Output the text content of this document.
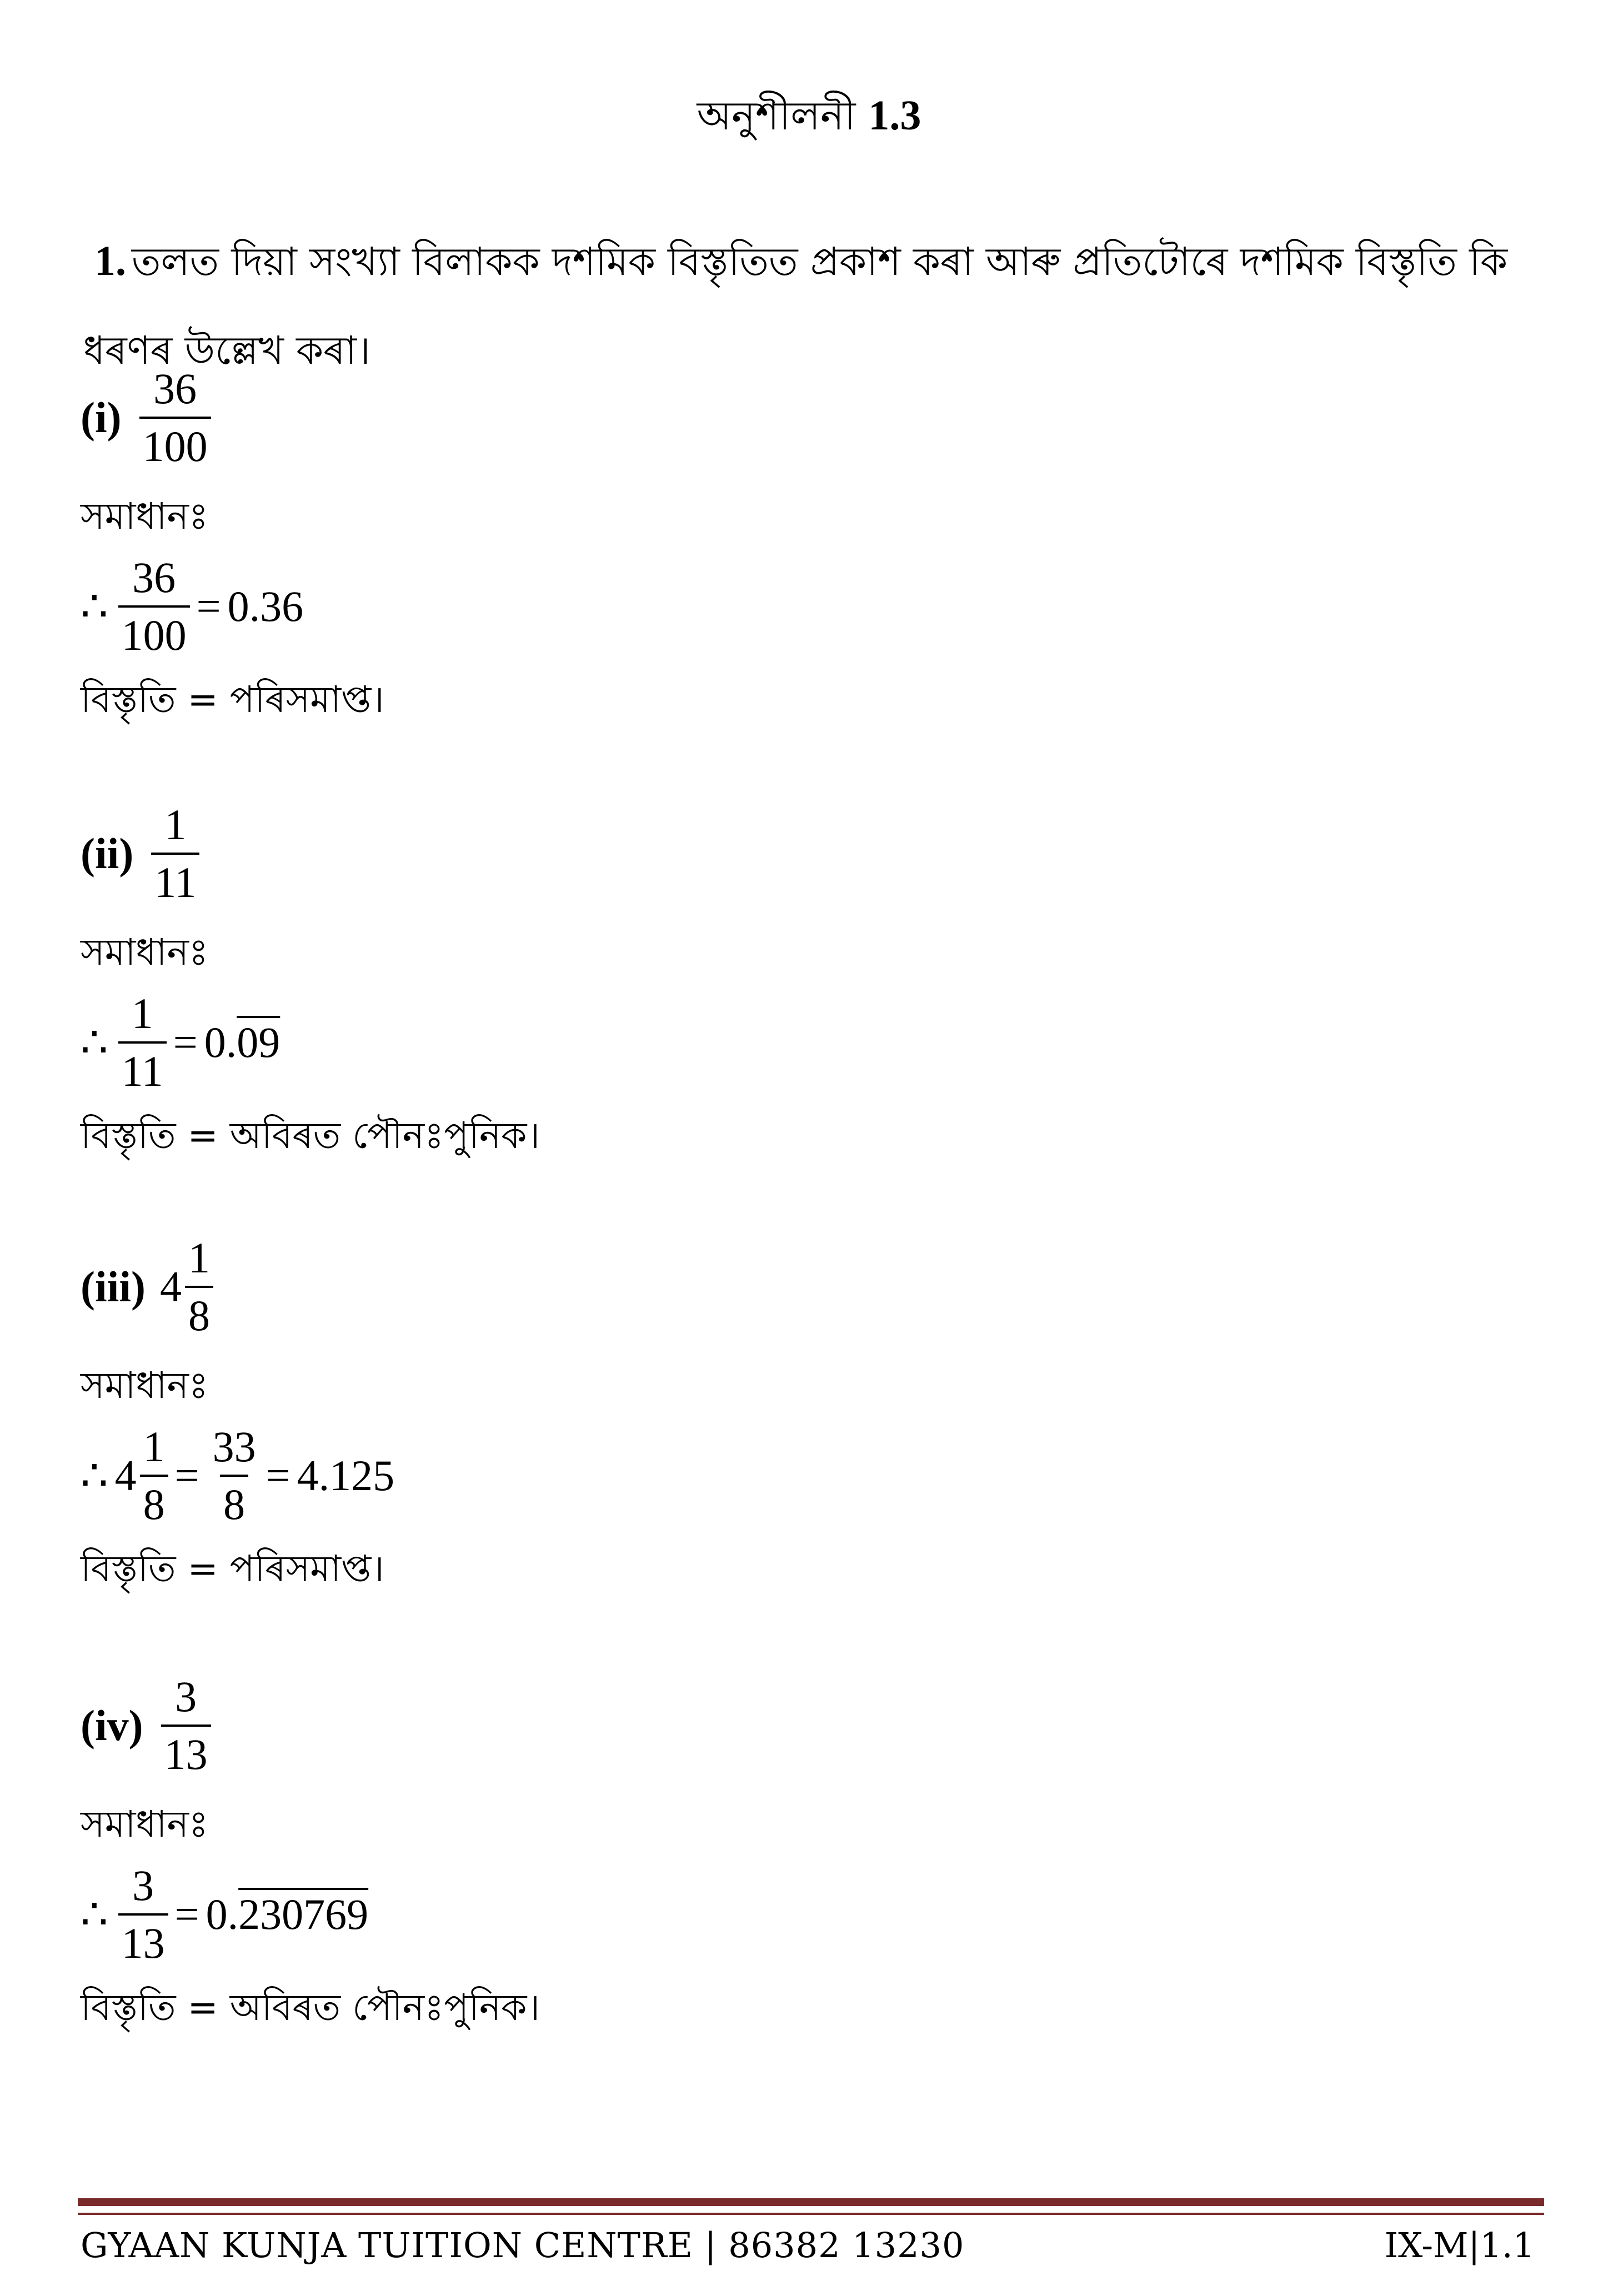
অনুশীলনী 1.3
1. তলত দিয়া সংখ্যা বিলাকক দশমিক বিস্তৃতিত প্রকাশ কৰা আৰু প্ৰতিটোৰে দশমিক বিস্তৃতি কি ধৰণৰ উল্লেখ কৰা।
$(i) \frac{36}{100}$
সমাধানঃ
∴ $\frac{36}{100} = 0.36$
বিস্তৃতি = পৰিসমাপ্ত।
$(ii) \frac{1}{11}$
সমাধানঃ
∴ $\frac{1}{11} = 0.09$
বিস্তৃতি = অবিৰত পৌনঃপুনিক।
(iii) $4 \frac{1}{8}$
সমাধানঃ
∴ $4 \frac{1}{8} = \frac{33}{8} = 4.125$
বিস্তৃতি = পৰিসমাপ্ত।
$(iv) \frac{3}{13}$
সমাধানঃ
∴ $\frac{3}{13} = 0.230769$
বিস্তৃতি = অবিৰত পৌনঃপুনিক।
GYAAN KUNJA TUITION CENTRE | 86382 13230	IX-M|1.1
